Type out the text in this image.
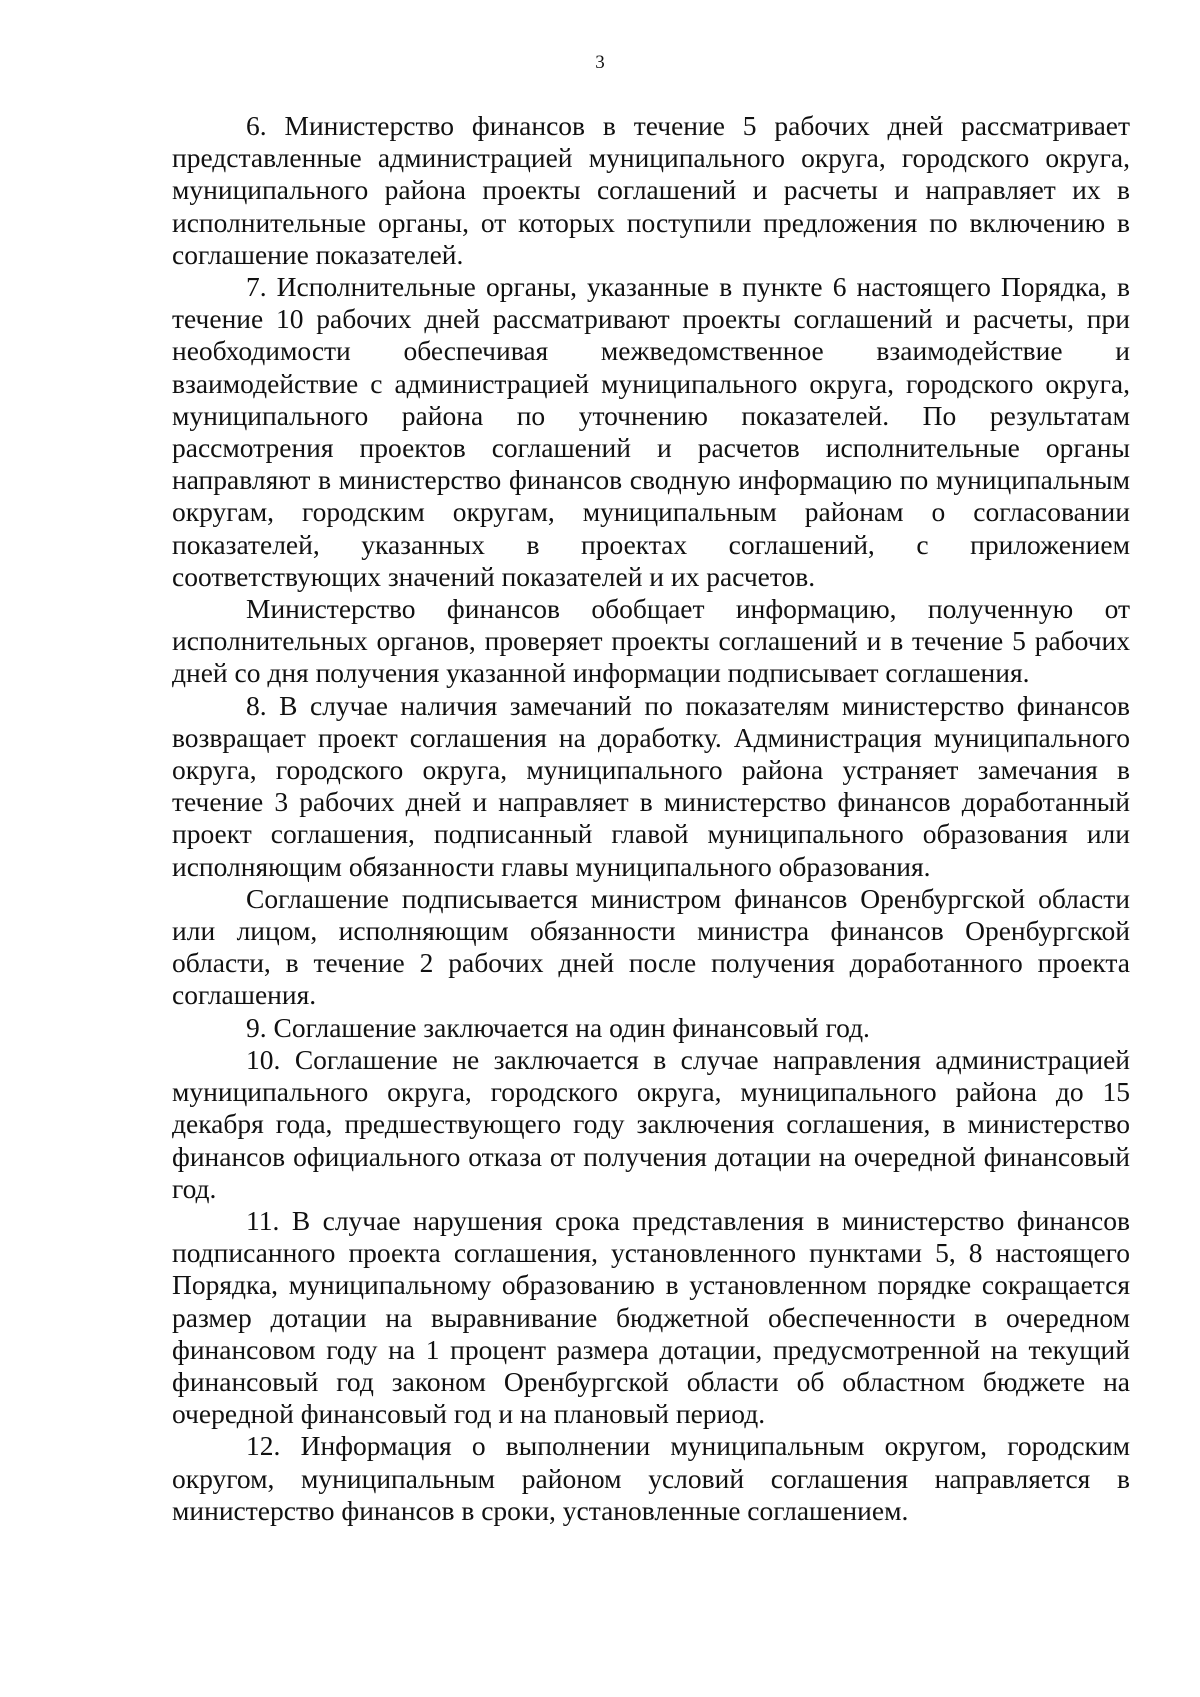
3

6. Министерство финансов в течение 5 рабочих дней рассматривает представленные администрацией муниципального округа, городского округа, муниципального района проекты соглашений и расчеты и направляет их в исполнительные органы, от которых поступили предложения по включению в соглашение показателей.

7. Исполнительные органы, указанные в пункте 6 настоящего Порядка, в течение 10 рабочих дней рассматривают проекты соглашений и расчеты, при необходимости обеспечивая межведомственное взаимодействие и взаимодействие с администрацией муниципального округа, городского округа, муниципального района по уточнению показателей. По результатам рассмотрения проектов соглашений и расчетов исполнительные органы направляют в министерство финансов сводную информацию по муниципальным округам, городским округам, муниципальным районам о согласовании показателей, указанных в проектах соглашений, с приложением соответствующих значений показателей и их расчетов.

Министерство финансов обобщает информацию, полученную от исполнительных органов, проверяет проекты соглашений и в течение 5 рабочих дней со дня получения указанной информации подписывает соглашения.

8. В случае наличия замечаний по показателям министерство финансов возвращает проект соглашения на доработку. Администрация муниципального округа, городского округа, муниципального района устраняет замечания в течение 3 рабочих дней и направляет в министерство финансов доработанный проект соглашения, подписанный главой муниципального образования или исполняющим обязанности главы муниципального образования.

Соглашение подписывается министром финансов Оренбургской области или лицом, исполняющим обязанности министра финансов Оренбургской области, в течение 2 рабочих дней после получения доработанного проекта соглашения.

9. Соглашение заключается на один финансовый год.

10. Соглашение не заключается в случае направления администрацией муниципального округа, городского округа, муниципального района до 15 декабря года, предшествующего году заключения соглашения, в министерство финансов официального отказа от получения дотации на очередной финансовый год.

11. В случае нарушения срока представления в министерство финансов подписанного проекта соглашения, установленного пунктами 5, 8 настоящего Порядка, муниципальному образованию в установленном порядке сокращается размер дотации на выравнивание бюджетной обеспеченности в очередном финансовом году на 1 процент размера дотации, предусмотренной на текущий финансовый год законом Оренбургской области об областном бюджете на очередной финансовый год и на плановый период.

12. Информация о выполнении муниципальным округом, городским округом, муниципальным районом условий соглашения направляется в министерство финансов в сроки, установленные соглашением.
